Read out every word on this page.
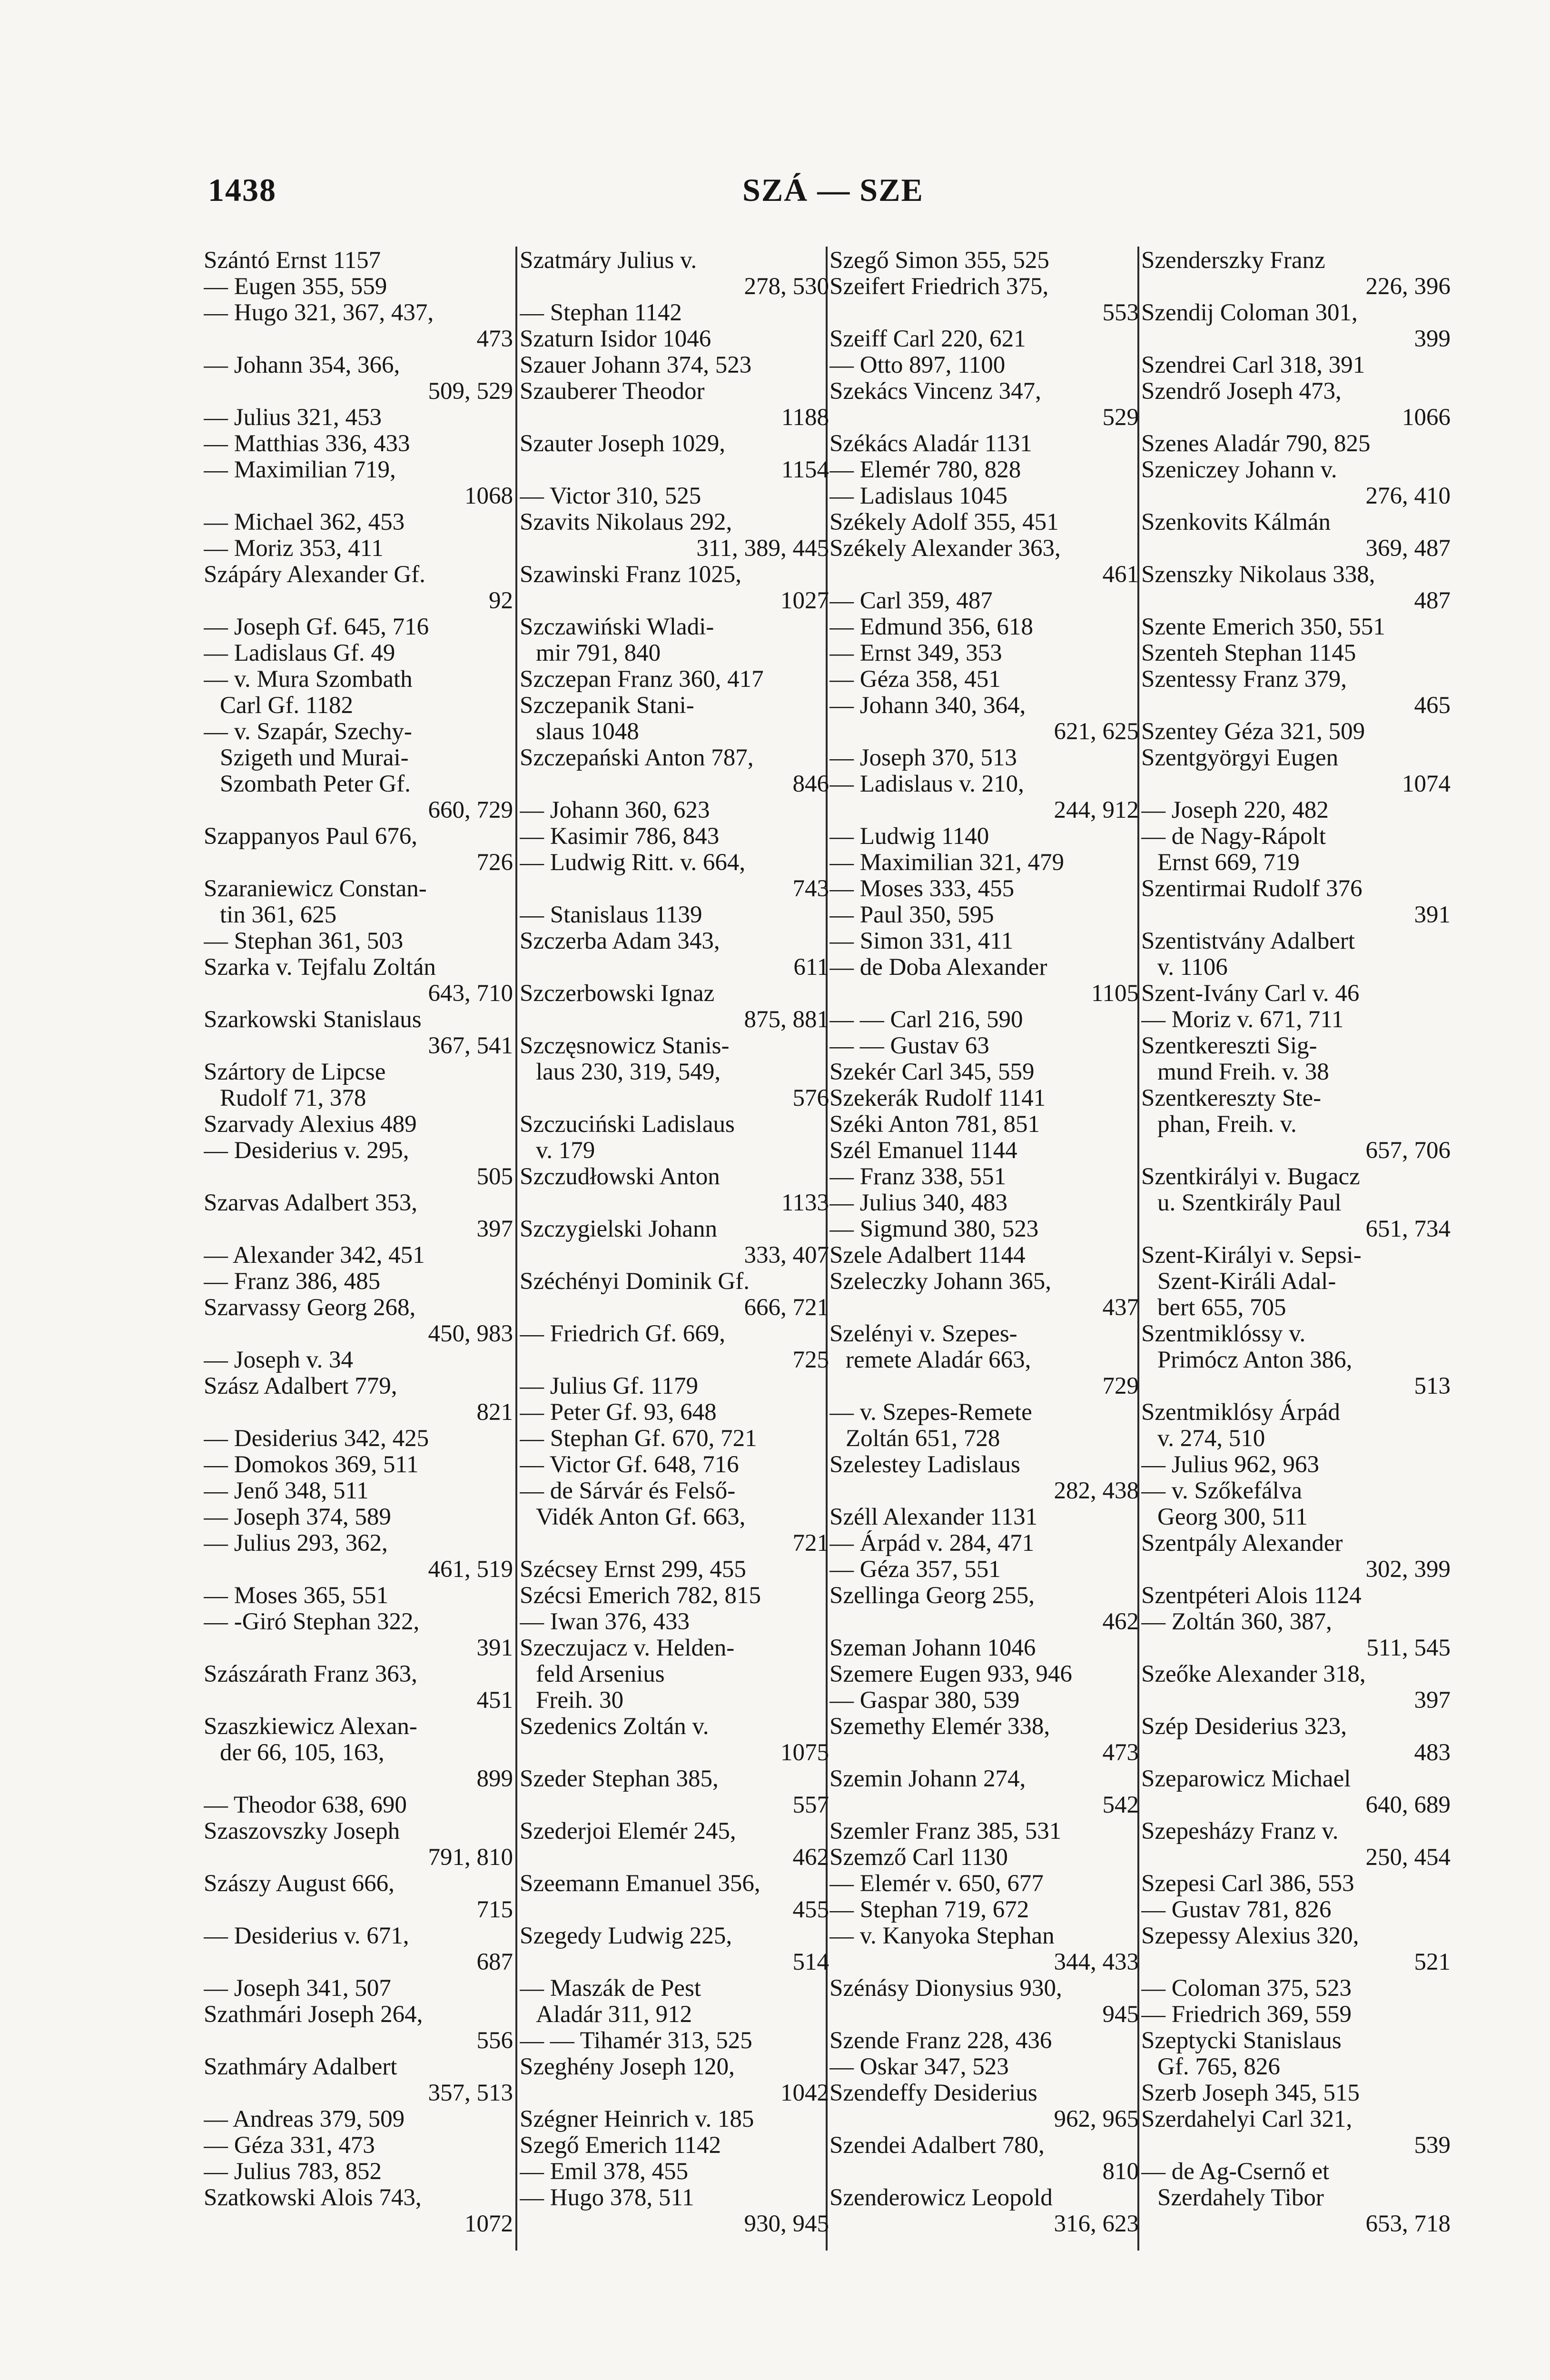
1438	SZÁ — SZE
Szántó Ernst 1157
— Eugen 355, 559
— Hugo 321, 367, 437,
473
— Johann 354, 366,
509, 529
— Julius 321, 453
— Matthias 336, 433
— Maximilian 719,
1068
— Michael 362, 453
— Moriz 353, 411
Szápáry Alexander Gf.
92
— Joseph Gf. 645, 716
— Ladislaus Gf. 49
— v. Mura Szombath
Carl Gf. 1182
— v. Szapár, Szechy-
Szigeth und Murai-
Szombath Peter Gf.
660, 729
Szappanyos Paul 676,
726
Szaraniewicz Constan-
tin 361, 625
— Stephan 361, 503
Szarka v. Tejfalu Zoltán
643, 710
Szarkowski Stanislaus
367, 541
Szártory de Lipcse
Rudolf 71, 378
Szarvady Alexius 489
— Desiderius v. 295,
505
Szarvas Adalbert 353,
397
— Alexander 342, 451
— Franz 386, 485
Szarvassy Georg 268,
450, 983
— Joseph v. 34
Szász Adalbert 779,
821
— Desiderius 342, 425
— Domokos 369, 511
— Jenő 348, 511
— Joseph 374, 589
— Julius 293, 362,
461, 519
— Moses 365, 551
— -Giró Stephan 322,
391
Szászárath Franz 363,
451
Szaszkiewicz Alexan-
der 66, 105, 163,
899
— Theodor 638, 690
Szaszovszky Joseph
791, 810
Szászy August 666,
715
— Desiderius v. 671,
687
— Joseph 341, 507
Szathmári Joseph 264,
556
Szathmáry Adalbert
357, 513
— Andreas 379, 509
— Géza 331, 473
— Julius 783, 852
Szatkowski Alois 743,
1072
Szatmáry Julius v.
278, 530
— Stephan 1142
Szaturn Isidor 1046
Szauer Johann 374, 523
Szauberer Theodor
1188
Szauter Joseph 1029,
1154
— Victor 310, 525
Szavits Nikolaus 292,
311, 389, 445
Szawinski Franz 1025,
1027
Szczawiński Wladi-
mir 791, 840
Szczepan Franz 360, 417
Szczepanik Stani-
slaus 1048
Szczepański Anton 787,
846
— Johann 360, 623
— Kasimir 786, 843
— Ludwig Ritt. v. 664,
743
— Stanislaus 1139
Szczerba Adam 343,
611
Szczerbowski Ignaz
875, 881
Szczęsnowicz Stanis-
laus 230, 319, 549,
576
Szczuciński Ladislaus
v. 179
Szczudłowski Anton
1133
Szczygielski Johann
333, 407
Széchényi Dominik Gf.
666, 721
— Friedrich Gf. 669,
725
— Julius Gf. 1179
— Peter Gf. 93, 648
— Stephan Gf. 670, 721
— Victor Gf. 648, 716
— de Sárvár és Felső-
Vidék Anton Gf. 663,
721
Szécsey Ernst 299, 455
Szécsi Emerich 782, 815
— Iwan 376, 433
Szeczujacz v. Helden-
feld Arsenius
Freih. 30
Szedenics Zoltán v.
1075
Szeder Stephan 385,
557
Szederjoi Elemér 245,
462
Szeemann Emanuel 356,
455
Szegedy Ludwig 225,
514
— Maszák de Pest
Aladár 311, 912
— — Tihamér 313, 525
Szeghény Joseph 120,
1042
Szégner Heinrich v. 185
Szegő Emerich 1142
— Emil 378, 455
— Hugo 378, 511
930, 945
Szegő Simon 355, 525
Szeifert Friedrich 375,
553
Szeiff Carl 220, 621
— Otto 897, 1100
Szekács Vincenz 347,
529
Székács Aladár 1131
— Elemér 780, 828
— Ladislaus 1045
Székely Adolf 355, 451
Székely Alexander 363,
461
— Carl 359, 487
— Edmund 356, 618
— Ernst 349, 353
— Géza 358, 451
— Johann 340, 364,
621, 625
— Joseph 370, 513
— Ladislaus v. 210,
244, 912
— Ludwig 1140
— Maximilian 321, 479
— Moses 333, 455
— Paul 350, 595
— Simon 331, 411
— de Doba Alexander
1105
— — Carl 216, 590
— — Gustav 63
Szekér Carl 345, 559
Szekerák Rudolf 1141
Széki Anton 781, 851
Szél Emanuel 1144
— Franz 338, 551
— Julius 340, 483
— Sigmund 380, 523
Szele Adalbert 1144
Szeleczky Johann 365,
437
Szelényi v. Szepes-
remete Aladár 663,
729
— v. Szepes-Remete
Zoltán 651, 728
Szelestey Ladislaus
282, 438
Széll Alexander 1131
— Árpád v. 284, 471
— Géza 357, 551
Szellinga Georg 255,
462
Szeman Johann 1046
Szemere Eugen 933, 946
— Gaspar 380, 539
Szemethy Elemér 338,
473
Szemin Johann 274,
542
Szemler Franz 385, 531
Szemző Carl 1130
— Elemér v. 650, 677
— Stephan 719, 672
— v. Kanyoka Stephan
344, 433
Szénásy Dionysius 930,
945
Szende Franz 228, 436
— Oskar 347, 523
Szendeffy Desiderius
962, 965
Szendei Adalbert 780,
810
Szenderowicz Leopold
316, 623
Szenderszky Franz
226, 396
Szendij Coloman 301,
399
Szendrei Carl 318, 391
Szendrő Joseph 473,
1066
Szenes Aladár 790, 825
Szeniczey Johann v.
276, 410
Szenkovits Kálmán
369, 487
Szenszky Nikolaus 338,
487
Szente Emerich 350, 551
Szenteh Stephan 1145
Szentessy Franz 379,
465
Szentey Géza 321, 509
Szentgyörgyi Eugen
1074
— Joseph 220, 482
— de Nagy-Rápolt
Ernst 669, 719
Szentirmai Rudolf 376
391
Szentistvány Adalbert
v. 1106
Szent-Ivány Carl v. 46
— Moriz v. 671, 711
Szentkereszti Sig-
mund Freih. v. 38
Szentkereszty Ste-
phan, Freih. v.
657, 706
Szentkirályi v. Bugacz
u. Szentkirály Paul
651, 734
Szent-Királyi v. Sepsi-
Szent-Királi Adal-
bert 655, 705
Szentmiklóssy v.
Primócz Anton 386,
513
Szentmiklósy Árpád
v. 274, 510
— Julius 962, 963
— v. Szőkefálva
Georg 300, 511
Szentpály Alexander
302, 399
Szentpéteri Alois 1124
— Zoltán 360, 387,
511, 545
Szeőke Alexander 318,
397
Szép Desiderius 323,
483
Szeparowicz Michael
640, 689
Szepesházy Franz v.
250, 454
Szepesi Carl 386, 553
— Gustav 781, 826
Szepessy Alexius 320,
521
— Coloman 375, 523
— Friedrich 369, 559
Szeptycki Stanislaus
Gf. 765, 826
Szerb Joseph 345, 515
Szerdahelyi Carl 321,
539
— de Ag-Csernő et
Szerdahely Tibor
653, 718
